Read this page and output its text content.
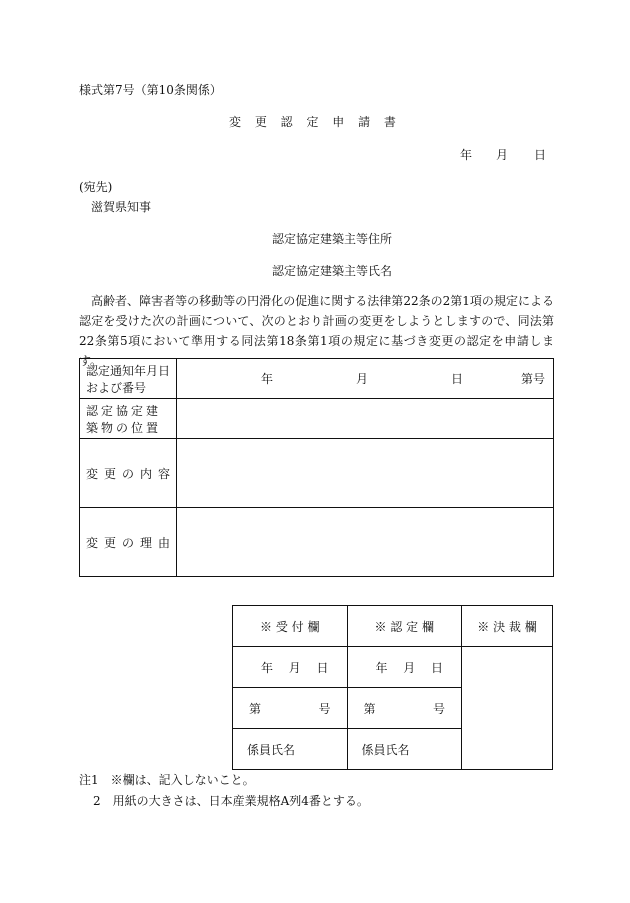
様式第7号（第10条関係）
変 更 認 定 申 請 書
年 月 日
(宛先)
滋賀県知事
認定協定建築主等住所
認定協定建築主等氏名
　高齢者、障害者等の移動等の円滑化の促進に関する法律第22条の2第1項の規定による認定を受けた次の計画について、次のとおり計画の変更をしようとしますので、同法第22条第5項において準用する同法第18条第1項の規定に基づき変更の認定を申請します。
認定通知年月日および番号	年 月 日 第 号

認定協定建築物の位置	

変 更 の 内 容	

変 更 の 理 由	

※ 受 付 欄	※ 認 定 欄	※ 決 裁 欄

年 月 日	年 月 日	

第 号	第 号	

係員氏名	係員氏名	
注1　※欄は、記入しないこと。
2　用紙の大きさは、日本産業規格A列4番とする。
